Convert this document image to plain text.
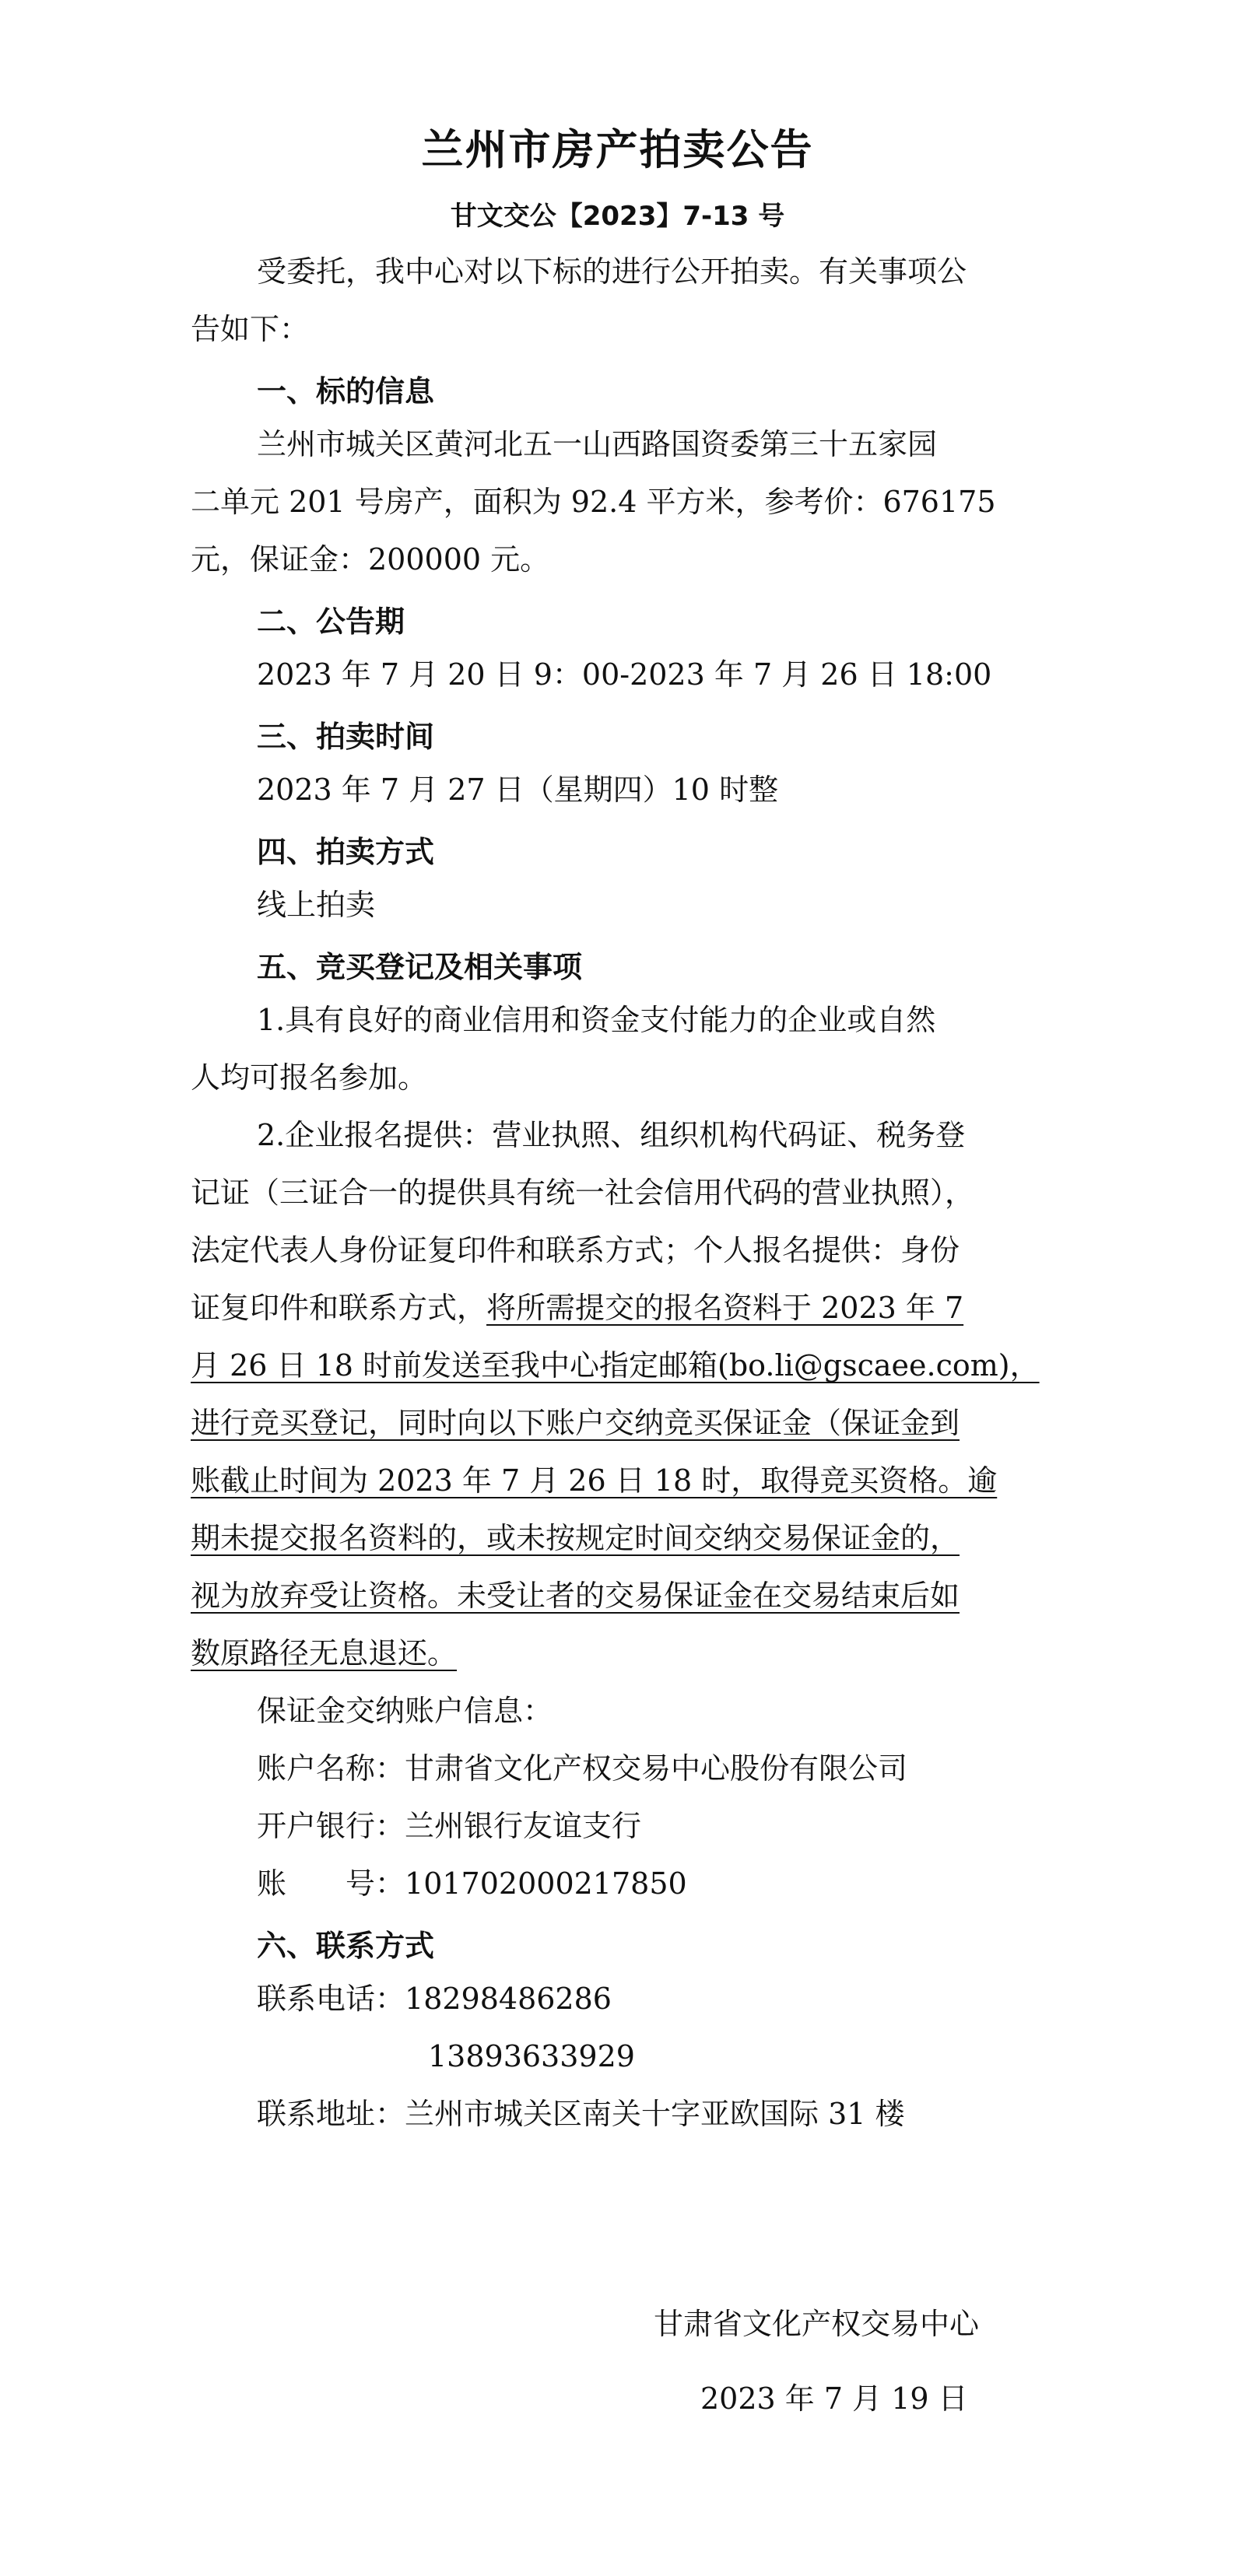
兰州市房产拍卖公告
甘文交公【2023】7-13 号
受委托，我中心对以下标的进行公开拍卖。有关事项公
告如下：
一、标的信息
兰州市城关区黄河北五一山西路国资委第三十五家园
二单元 201 号房产，面积为 92.4 平方米，参考价：676175
元，保证金：200000 元。
二、公告期
2023 年 7 月 20 日 9：00-2023 年 7 月 26 日 18:00
三、拍卖时间
2023 年 7 月 27 日（星期四）10 时整
四、拍卖方式
线上拍卖
五、竞买登记及相关事项
1.具有良好的商业信用和资金支付能力的企业或自然
人均可报名参加。
2.企业报名提供：营业执照、组织机构代码证、税务登
记证（三证合一的提供具有统一社会信用代码的营业执照），
法定代表人身份证复印件和联系方式；个人报名提供：身份
证复印件和联系方式，将所需提交的报名资料于 2023 年 7
月 26 日 18 时前发送至我中心指定邮箱(bo.li@gscaee.com)，
进行竞买登记，同时向以下账户交纳竞买保证金（保证金到
账截止时间为 2023 年 7 月 26 日 18 时，取得竞买资格。逾
期未提交报名资料的，或未按规定时间交纳交易保证金的，
视为放弃受让资格。未受让者的交易保证金在交易结束后如
数原路径无息退还。
保证金交纳账户信息：
账户名称：甘肃省文化产权交易中心股份有限公司
开户银行：兰州银行友谊支行
账 号：101702000217850
六、联系方式
联系电话：18298486286
13893633929
联系地址：兰州市城关区南关十字亚欧国际 31 楼
甘肃省文化产权交易中心
2023 年 7 月 19 日
